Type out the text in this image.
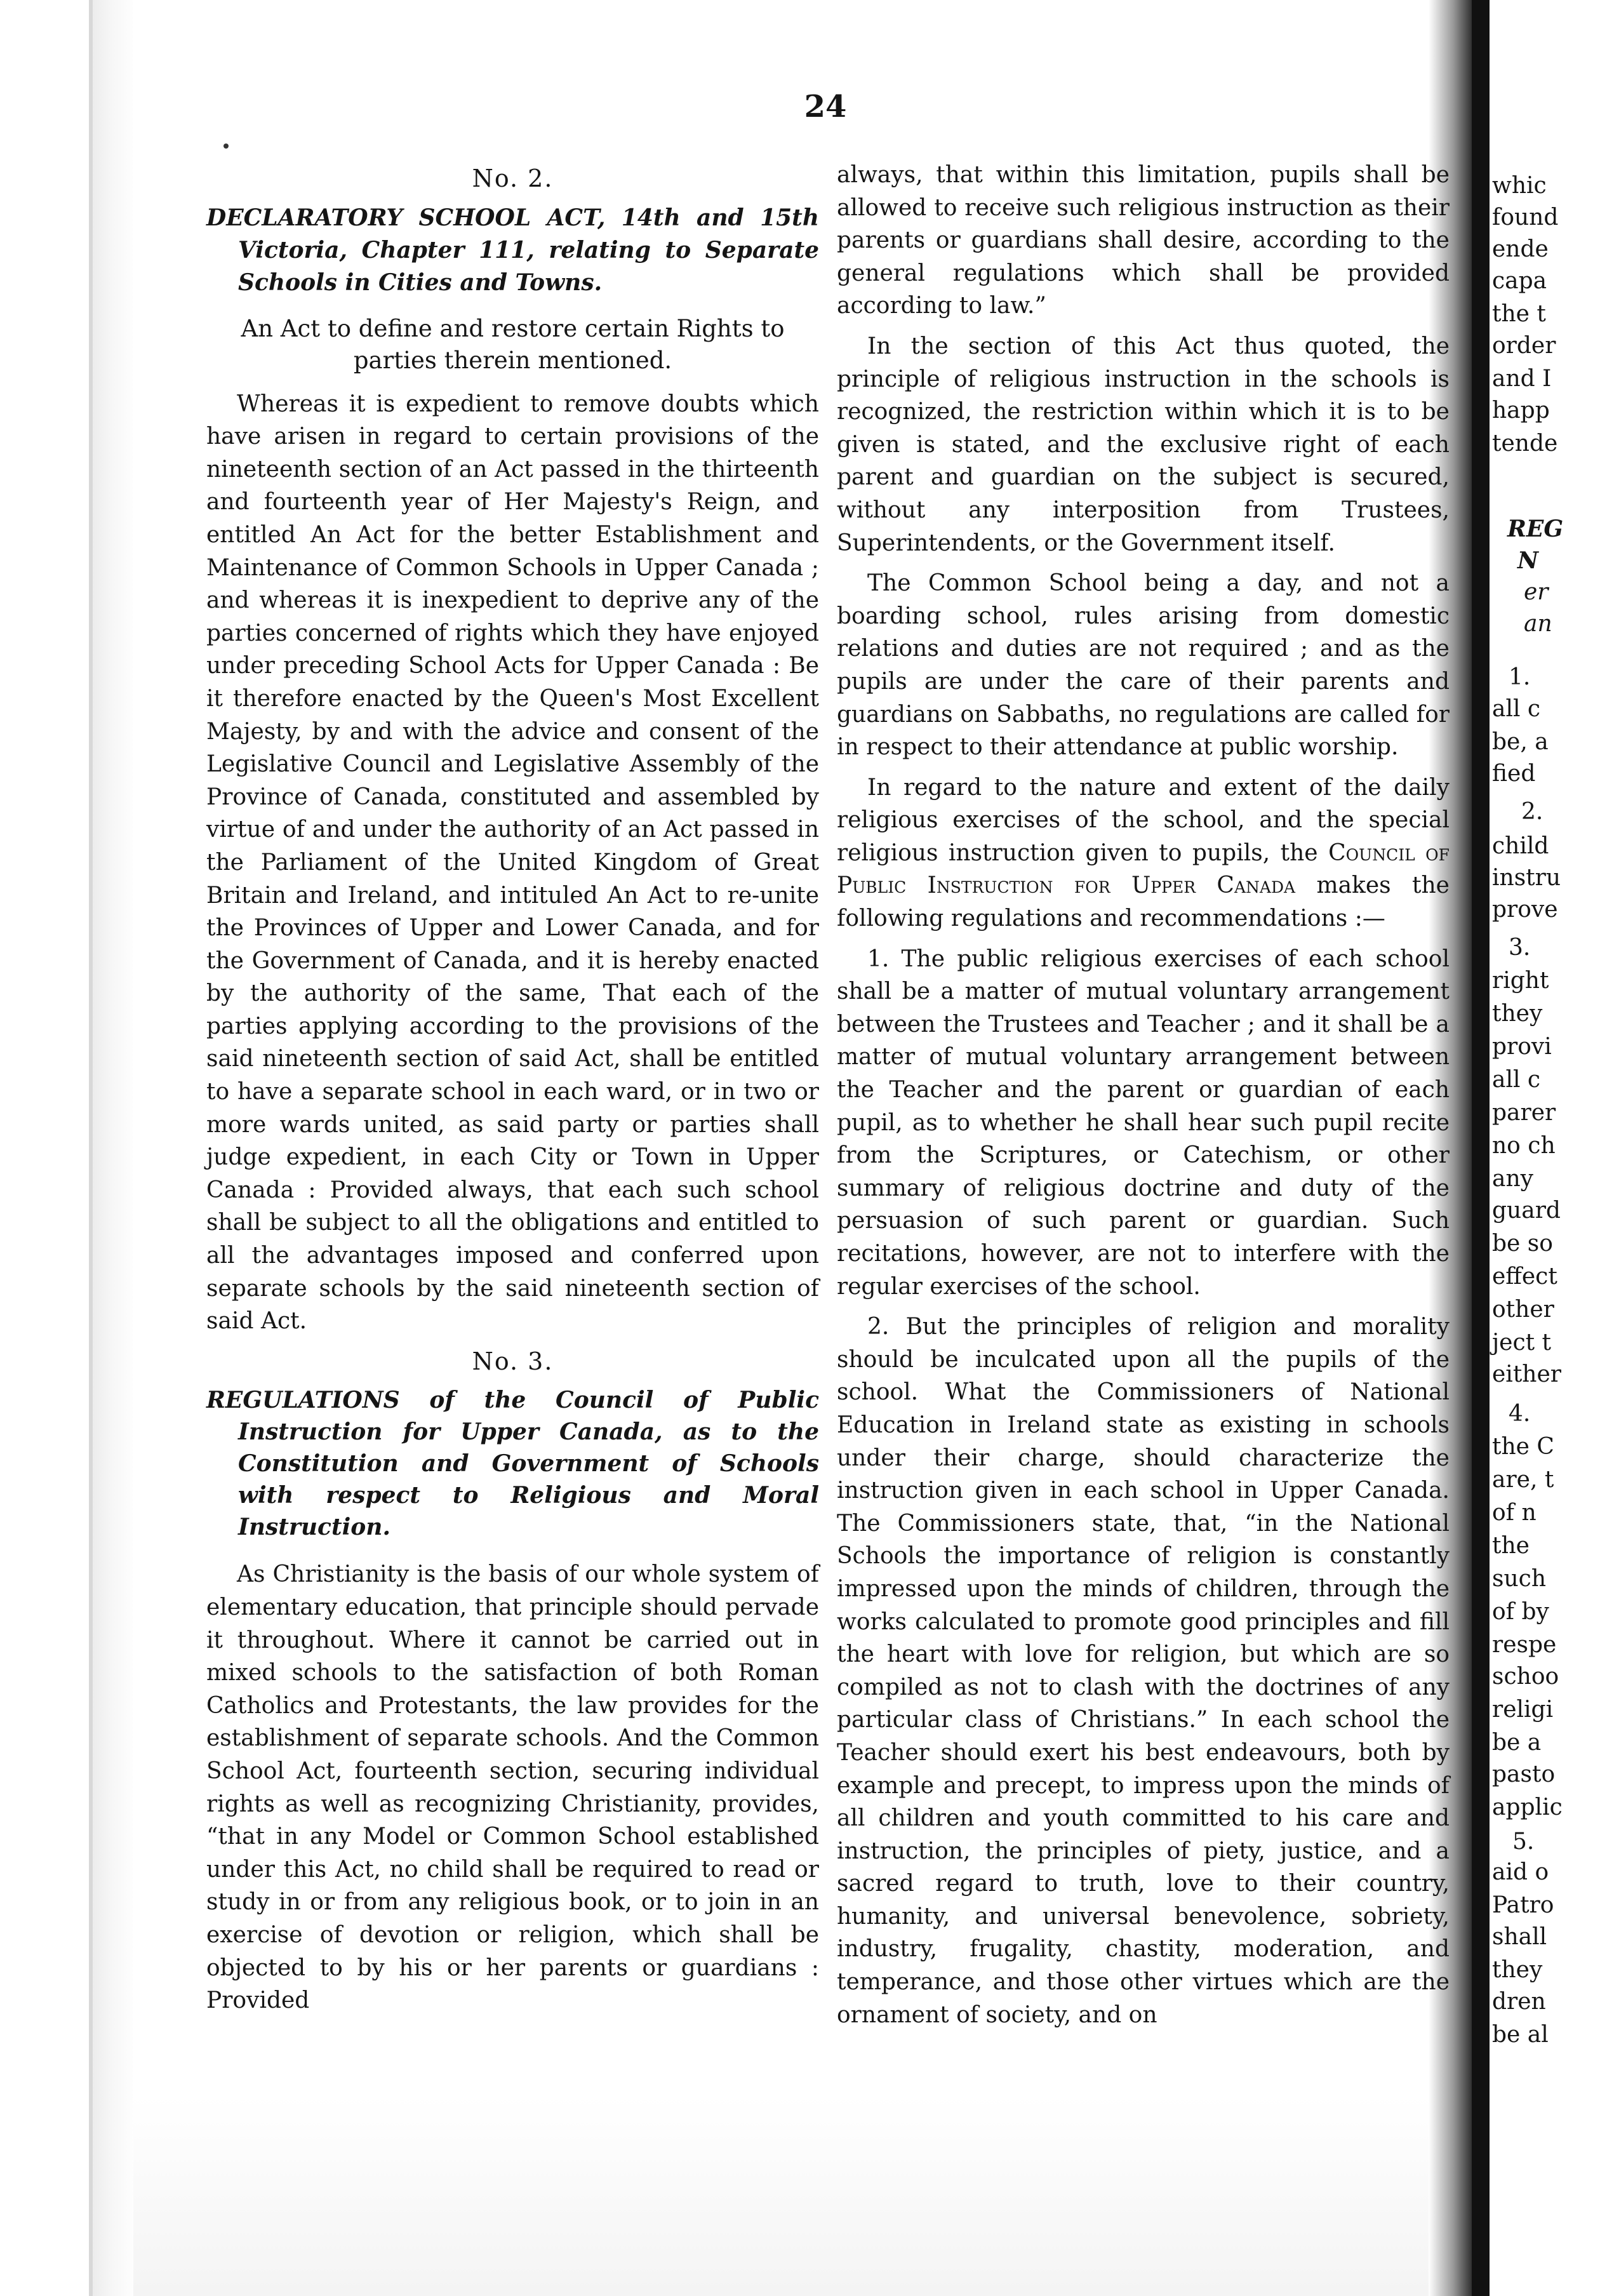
24
No. 2.
DECLARATORY SCHOOL ACT, 14th and 15th Victoria, Chapter 111, relating to Separate Schools in Cities and Towns.
An Act to define and restore certain Rights to parties therein mentioned.

Whereas it is expedient to remove doubts which have arisen in regard to certain provisions of the nineteenth section of an Act passed in the thirteenth and fourteenth year of Her Majesty's Reign, and entitled An Act for the better Establishment and Maintenance of Common Schools in Upper Canada ; and whereas it is inexpedient to deprive any of the parties concerned of rights which they have enjoyed under preceding School Acts for Upper Canada : Be it therefore enacted by the Queen's Most Excellent Majesty, by and with the advice and consent of the Legislative Council and Legislative Assembly of the Province of Canada, constituted and assembled by virtue of and under the authority of an Act passed in the Parliament of the United Kingdom of Great Britain and Ireland, and intituled An Act to re-unite the Provinces of Upper and Lower Canada, and for the Government of Canada, and it is hereby enacted by the authority of the same, That each of the parties applying according to the provisions of the said nineteenth section of said Act, shall be entitled to have a separate school in each ward, or in two or more wards united, as said party or parties shall judge expedient, in each City or Town in Upper Canada : Provided always, that each such school shall be subject to all the obligations and entitled to all the advantages imposed and conferred upon separate schools by the said nineteenth section of said Act.

No. 3.
REGULATIONS of the Council of Public Instruction for Upper Canada, as to the Constitution and Government of Schools with respect to Religious and Moral Instruction.

As Christianity is the basis of our whole system of elementary education, that principle should pervade it throughout. Where it cannot be carried out in mixed schools to the satisfaction of both Roman Catholics and Protestants, the law provides for the establishment of separate schools. And the Common School Act, fourteenth section, securing individual rights as well as recognizing Christianity, provides, “that in any Model or Common School established under this Act, no child shall be required to read or study in or from any religious book, or to join in an exercise of devotion or religion, which shall be objected to by his or her parents or guardians : Provided

always, that within this limitation, pupils shall be allowed to receive such religious instruction as their parents or guardians shall desire, according to the general regulations which shall be provided according to law.”

In the section of this Act thus quoted, the principle of religious instruction in the schools is recognized, the restriction within which it is to be given is stated, and the exclusive right of each parent and guardian on the subject is secured, without any interposition from Trustees, Superintendents, or the Government itself.

The Common School being a day, and not a boarding school, rules arising from domestic relations and duties are not required ; and as the pupils are under the care of their parents and guardians on Sabbaths, no regulations are called for in respect to their attendance at public worship.

In regard to the nature and extent of the daily religious exercises of the school, and the special religious instruction given to pupils, the Council of Public Instruction for Upper Canada makes the following regulations and recommendations :—

1. The public religious exercises of each school shall be a matter of mutual voluntary arrangement between the Trustees and Teacher ; and it shall be a matter of mutual voluntary arrangement between the Teacher and the parent or guardian of each pupil, as to whether he shall hear such pupil recite from the Scriptures, or Catechism, or other summary of religious doctrine and duty of the persuasion of such parent or guardian. Such recitations, however, are not to interfere with the regular exercises of the school.

2. But the principles of religion and morality should be inculcated upon all the pupils of the school. What the Commissioners of National Education in Ireland state as existing in schools under their charge, should characterize the instruction given in each school in Upper Canada. The Commissioners state, that, “in the National Schools the importance of religion is constantly impressed upon the minds of children, through the works calculated to promote good principles and fill the heart with love for religion, but which are so compiled as not to clash with the doctrines of any particular class of Christians.” In each school the Teacher should exert his best endeavours, both by example and precept, to impress upon the minds of all children and youth committed to his care and instruction, the principles of piety, justice, and a sacred regard to truth, love to their country, humanity, and universal benevolence, sobriety, industry, frugality, chastity, moderation, and temperance, and those other virtues which are the ornament of society, and on

whic
found
ende
capa
the t
order
and I
happ
tende
REG
N
er
an
1.
all c
be, a
fied
2.
child
instru
prove
3.
right
they
provi
all c
parer
no ch
any
guard
be so
effect
other
ject t
either
4.
the C
are, t
of n
the
such
of by
respe
schoo
religi
be a
pasto
applic
5.
aid o
Patro
shall
they
dren
be al
